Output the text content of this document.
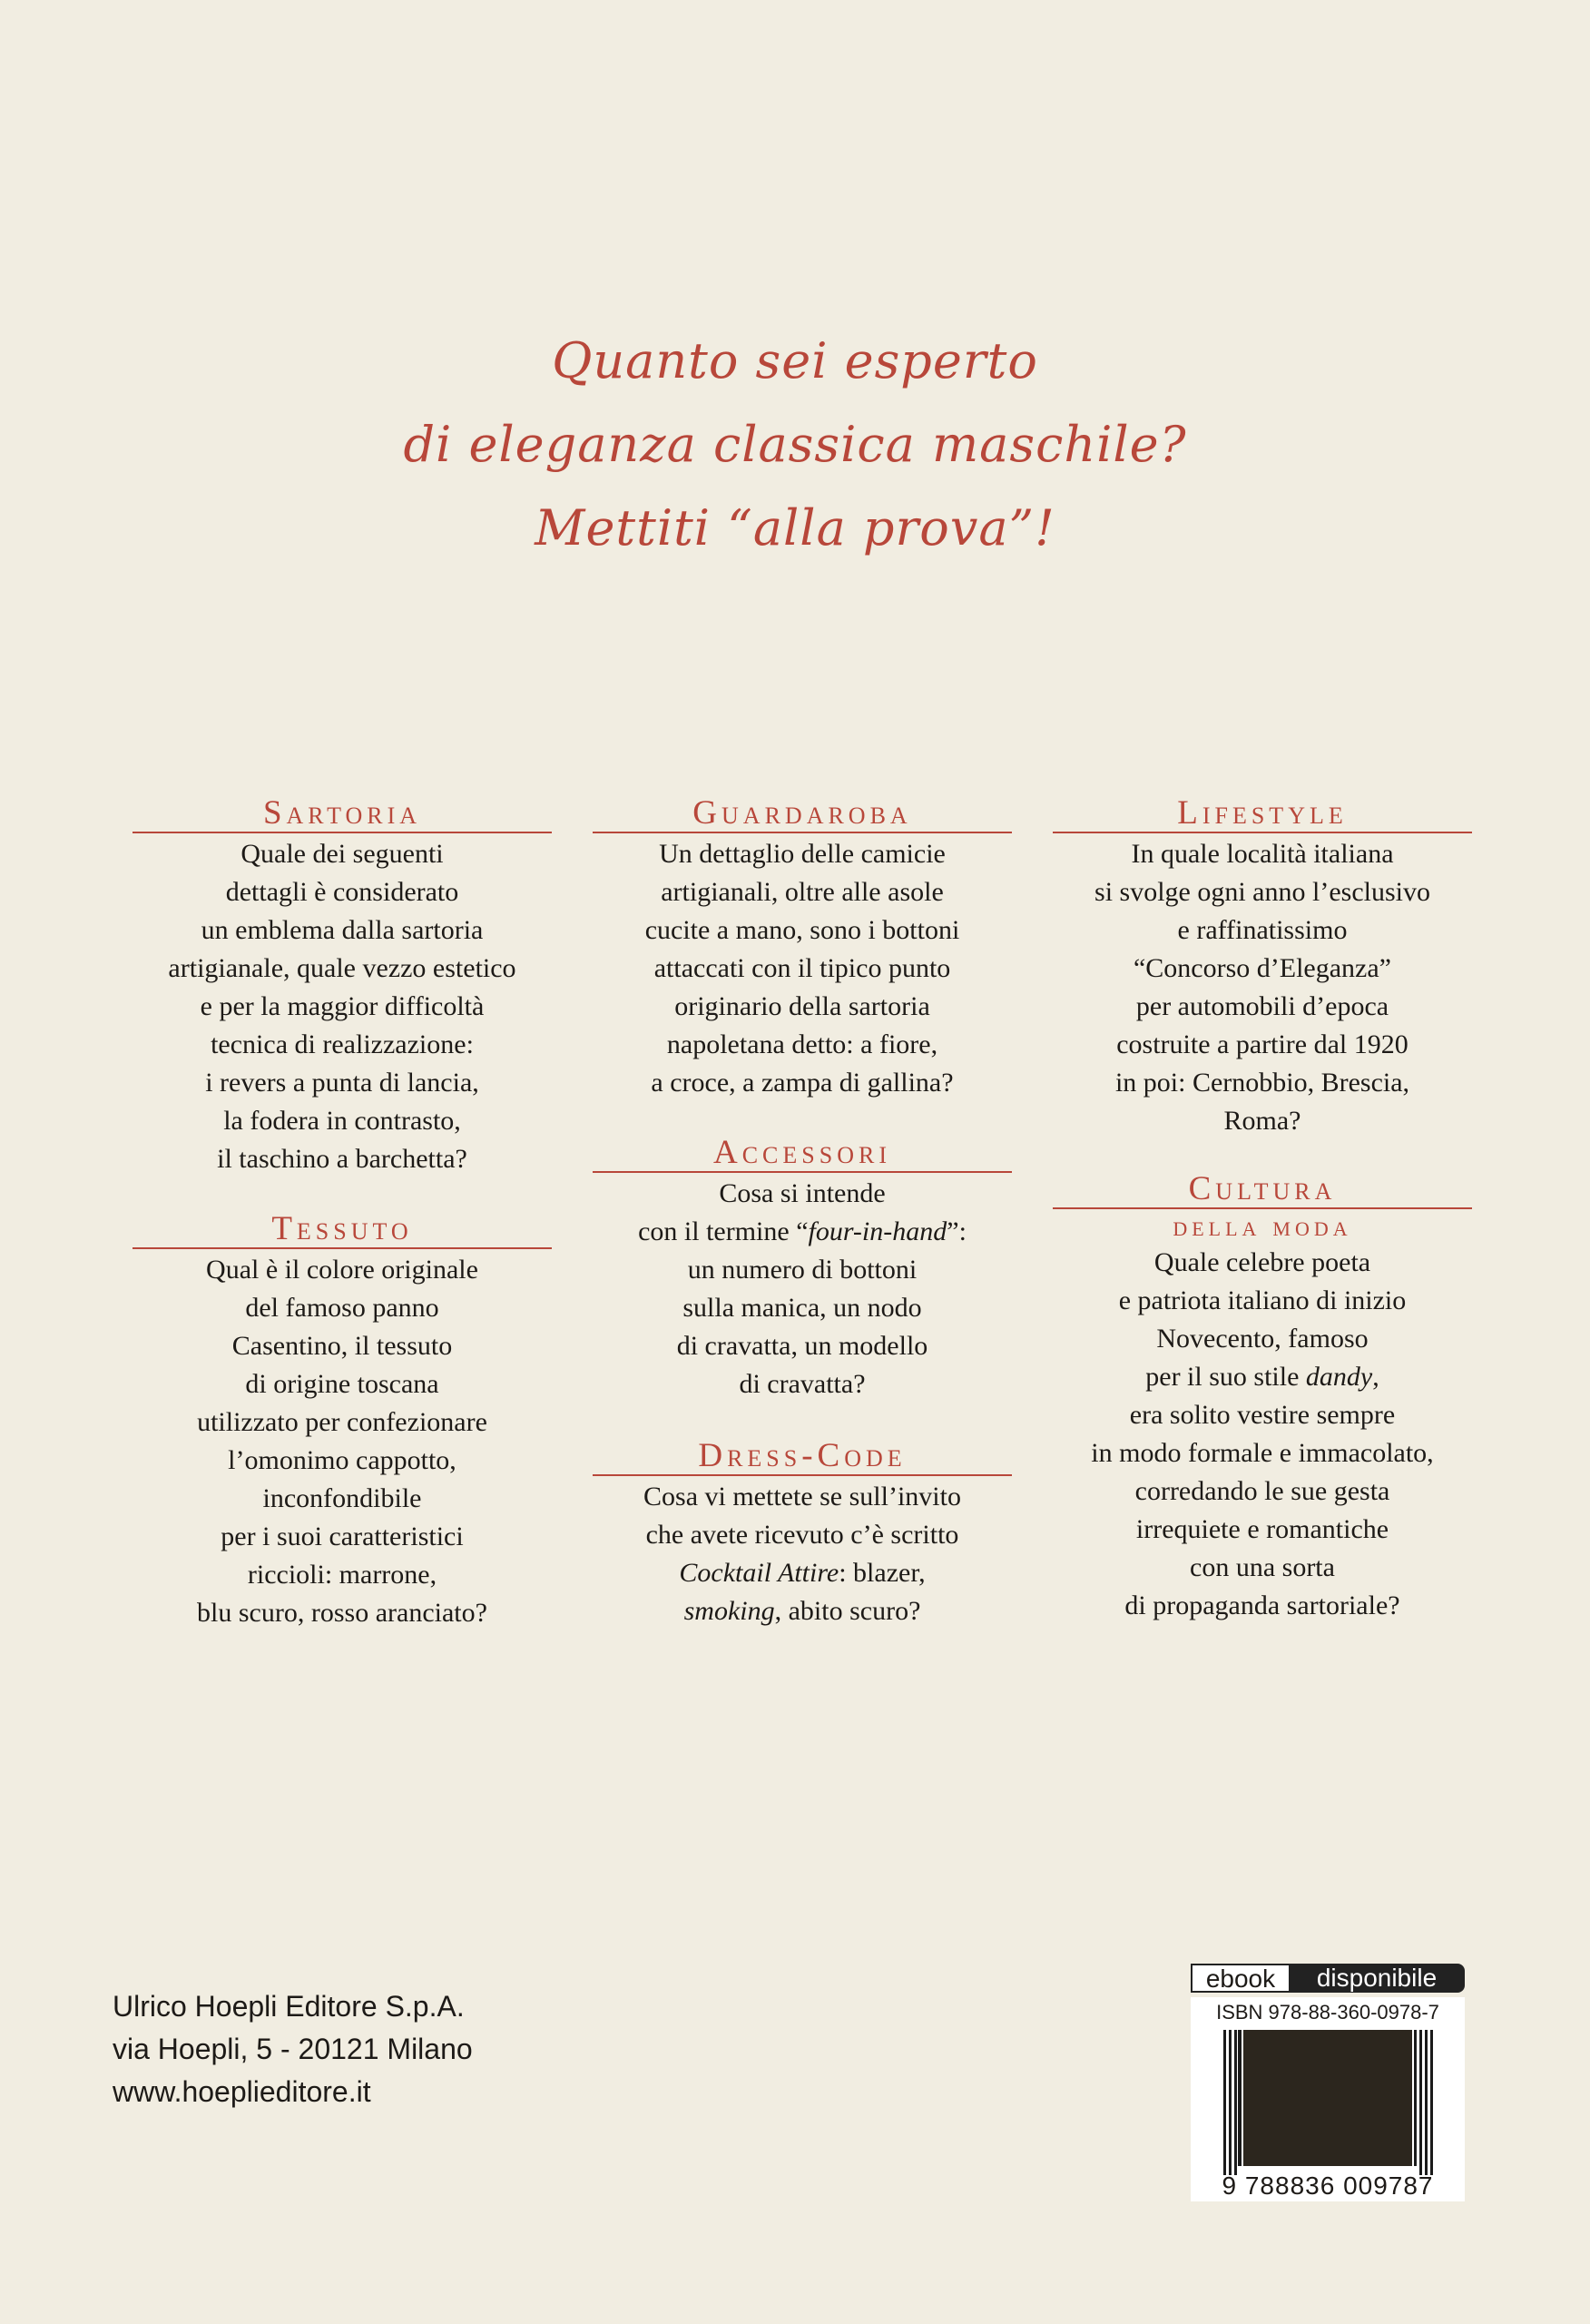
Quanto sei esperto
di eleganza classica maschile?
Mettiti “alla prova”!
Sartoria
Quale dei seguenti
dettagli è considerato
un emblema dalla sartoria
artigianale, quale vezzo estetico
e per la maggior difficoltà
tecnica di realizzazione:
i revers a punta di lancia,
la fodera in contrasto,
il taschino a barchetta?
Tessuto
Qual è il colore originale
del famoso panno
Casentino, il tessuto
di origine toscana
utilizzato per confezionare
l’omonimo cappotto,
inconfondibile
per i suoi caratteristici
riccioli: marrone,
blu scuro, rosso aranciato?
Guardaroba
Un dettaglio delle camicie
artigianali, oltre alle asole
cucite a mano, sono i bottoni
attaccati con il tipico punto
originario della sartoria
napoletana detto: a fiore,
a croce, a zampa di gallina?
Accessori
Cosa si intende
con il termine “four-in-hand”:
un numero di bottoni
sulla manica, un nodo
di cravatta, un modello
di cravatta?
Dress-Code
Cosa vi mettete se sull’invito
che avete ricevuto c’è scritto
Cocktail Attire: blazer,
smoking, abito scuro?
Lifestyle
In quale località italiana
si svolge ogni anno l’esclusivo
e raffinatissimo
“Concorso d’Eleganza”
per automobili d’epoca
costruite a partire dal 1920
in poi: Cernobbio, Brescia,
Roma?
Cultura
della moda
Quale celebre poeta
e patriota italiano di inizio
Novecento, famoso
per il suo stile dandy,
era solito vestire sempre
in modo formale e immacolato,
corredando le sue gesta
irrequiete e romantiche
con una sorta
di propaganda sartoriale?
Ulrico Hoepli Editore S.p.A.
via Hoepli, 5 - 20121 Milano
www.hoeplieditore.it
ebook	disponibile
ISBN 978-88-360-0978-7
9 788836 009787
